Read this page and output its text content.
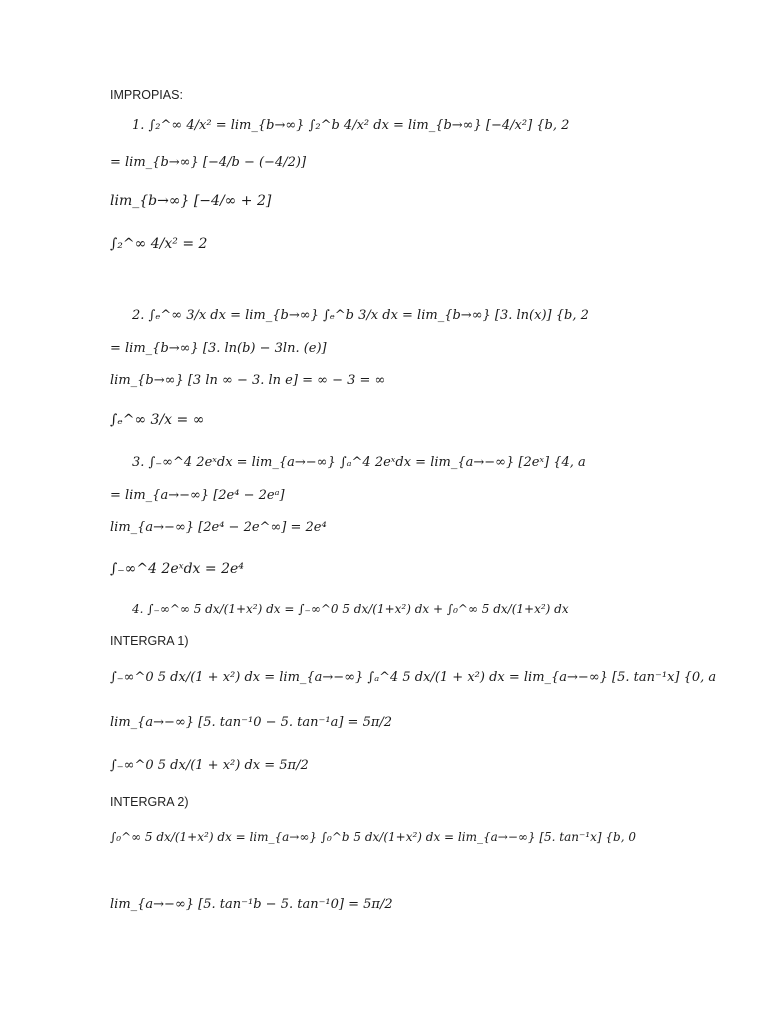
IMPROPIAS:
1. ∫₂^∞ 4/x² = lim_{b→∞} ∫₂^b 4/x² dx = lim_{b→∞} [−4/x²] {b, 2
= lim_{b→∞} [−4/b − (−4/2)]
lim_{b→∞} [−4/∞ + 2]
∫₂^∞ 4/x² = 2
2. ∫ₑ^∞ 3/x dx = lim_{b→∞} ∫ₑ^b 3/x dx = lim_{b→∞} [3. ln(x)] {b, 2
= lim_{b→∞} [3. ln(b) − 3ln. (e)]
lim_{b→∞} [3 ln ∞ − 3. ln e] = ∞ − 3 = ∞
∫ₑ^∞ 3/x = ∞
3. ∫₋∞^4 2eˣdx = lim_{a→−∞} ∫ₐ^4 2eˣdx = lim_{a→−∞} [2eˣ] {4, a
= lim_{a→−∞} [2e⁴ − 2eᵃ]
lim_{a→−∞} [2e⁴ − 2e^∞] = 2e⁴
∫₋∞^4 2eˣdx = 2e⁴
4. ∫₋∞^∞ 5 dx/(1+x²) dx = ∫₋∞^0 5 dx/(1+x²) dx + ∫₀^∞ 5 dx/(1+x²) dx
INTERGRA 1)
∫₋∞^0 5 dx/(1 + x²) dx = lim_{a→−∞} ∫ₐ^4 5 dx/(1 + x²) dx = lim_{a→−∞} [5. tan⁻¹x] {0, a
lim_{a→−∞} [5. tan⁻¹0 − 5. tan⁻¹a] = 5π/2
∫₋∞^0 5 dx/(1 + x²) dx = 5π/2
INTERGRA 2)
∫₀^∞ 5 dx/(1+x²) dx = lim_{a→∞} ∫₀^b 5 dx/(1+x²) dx = lim_{a→−∞} [5. tan⁻¹x] {b, 0
lim_{a→−∞} [5. tan⁻¹b − 5. tan⁻¹0] = 5π/2
